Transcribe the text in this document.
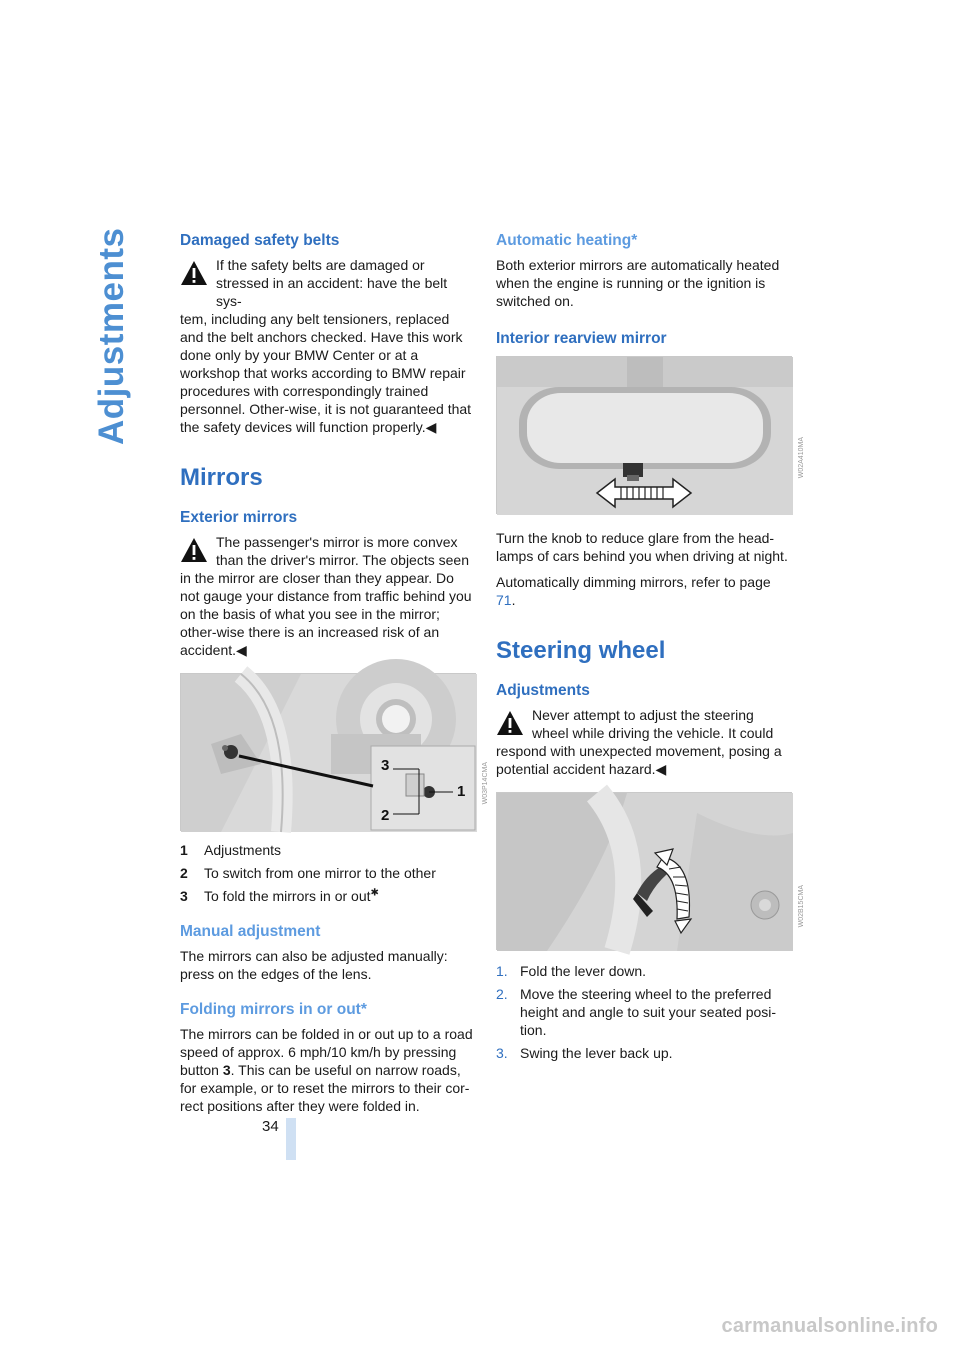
Adjustments
34
carmanualsonline.info
Damaged safety belts
If the safety belts are damaged or
stressed in an accident: have the belt sys-
tem, including any belt tensioners, replaced and the belt anchors checked. Have this work done only by your BMW Center or at a workshop that works according to BMW repair procedures with correspondingly trained personnel. Other-wise, it is not guaranteed that the safety devices will function properly.◀
Mirrors
Exterior mirrors
The passenger's mirror is more convex
than the driver's mirror. The objects seen
in the mirror are closer than they appear. Do not gauge your distance from traffic behind you on the basis of what you see in the mirror; other-wise there is an increased risk of an accident.◀
3
1
2
W03P14CMA
1	Adjustments
2	To switch from one mirror to the other
3	To fold the mirrors in or out✱
Manual adjustment

The mirrors can also be adjusted manually: press on the edges of the lens.

Folding mirrors in or out*

The mirrors can be folded in or out up to a road speed of approx. 6 mph/10 km/h by pressing button 3. This can be useful on narrow roads, for example, or to reset the mirrors to their cor-rect positions after they were folded in.

Automatic heating*

Both exterior mirrors are automatically heated when the engine is running or the ignition is switched on.

Interior rearview mirror
W02A410MA

Turn the knob to reduce glare from the head-lamps of cars behind you when driving at night.

Automatically dimming mirrors, refer to page 71.

Steering wheel
Adjustments
Never attempt to adjust the steering
wheel while driving the vehicle. It could
respond with unexpected movement, posing a potential accident hazard.◀
W02B15CMA
1. Fold the lever down.
2. Move the steering wheel to the preferred height and angle to suit your seated posi-tion.
3. Swing the lever back up.
